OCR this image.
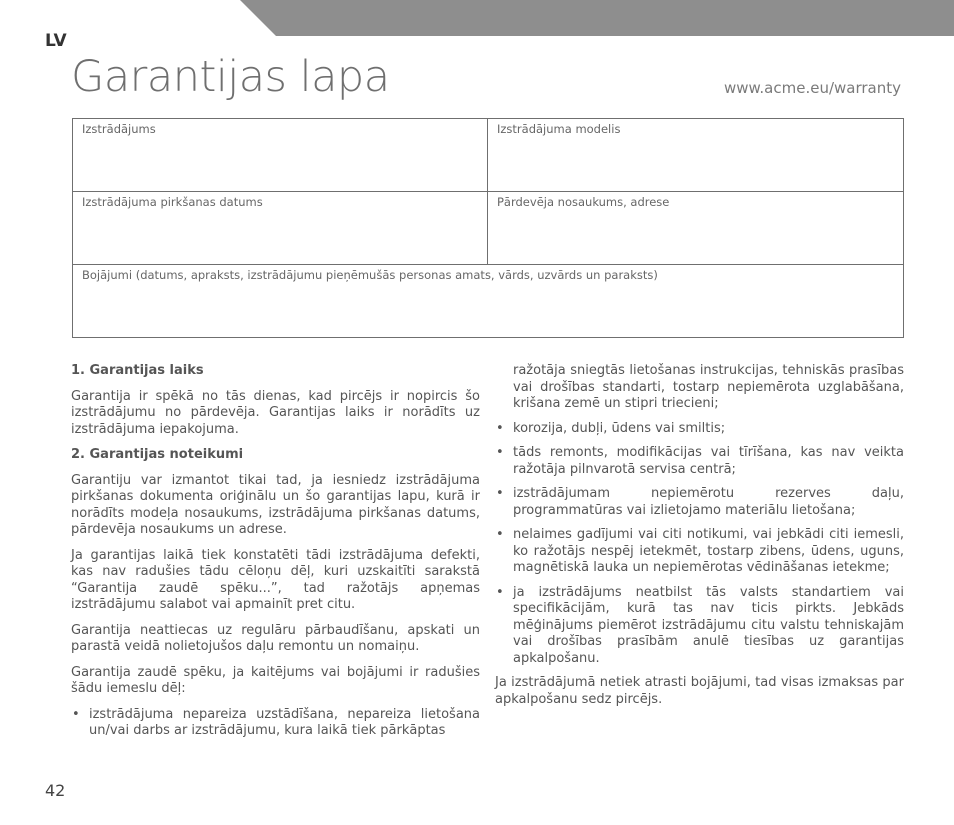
LV
Garantijas lapa	www.acme.eu/warranty
Izstrādājums	Izstrādājuma modelis
Izstrādājuma pirkšanas datums	Pārdevēja nosaukums, adrese
Bojājumi (datums, apraksts, izstrādājumu pieņēmušās personas amats, vārds, uzvārds un paraksts)
1. Garantijas laiks

Garantija ir spēkā no tās dienas, kad pircējs ir nopircis šo izstrādājumu no pārdevēja. Garantijas laiks ir norādīts uz izstrādājuma iepakojuma.

2. Garantijas noteikumi

Garantiju var izmantot tikai tad, ja iesniedz izstrādājuma pirkšanas dokumenta oriģinālu un šo garantijas lapu, kurā ir norādīts modeļa nosaukums, izstrādājuma pirkšanas datums, pārdevēja nosaukums un adrese.

Ja garantijas laikā tiek konstatēti tādi izstrādājuma defekti, kas nav radušies tādu cēloņu dēļ, kuri uzskaitīti sarakstā “Garantija zaudē spēku...”, tad ražotājs apņemas izstrādājumu salabot vai apmainīt pret citu.

Garantija neattiecas uz regulāru pārbaudīšanu, apskati un parastā veidā nolietojušos daļu remontu un nomaiņu.

Garantija zaudē spēku, ja kaitējums vai bojājumi ir radušies šādu iemeslu dēļ:

• izstrādājuma nepareiza uzstādīšana, nepareiza lietošana un/vai darbs ar izstrādājumu, kura laikā tiek pārkāptas
ražotāja sniegtās lietošanas instrukcijas, tehniskās prasības vai drošības standarti, tostarp nepiemērota uzglabāšana, krišana zemē un stipri triecieni;
• korozija, dubļi, ūdens vai smiltis;
• tāds remonts, modifikācijas vai tīrīšana, kas nav veikta ražotāja pilnvarotā servisa centrā;
• izstrādājumam nepiemērotu rezerves daļu, programmatūras vai izlietojamo materiālu lietošana;
• nelaimes gadījumi vai citi notikumi, vai jebkādi citi iemesli, ko ražotājs nespēj ietekmēt, tostarp zibens, ūdens, uguns, magnētiskā lauka un nepiemērotas vēdināšanas ietekme;
• ja izstrādājums neatbilst tās valsts standartiem vai specifikācijām, kurā tas nav ticis pirkts. Jebkāds mēģinājums piemērot izstrādājumu citu valstu tehniskajām vai drošības prasībām anulē tiesības uz garantijas apkalpošanu.

Ja izstrādājumā netiek atrasti bojājumi, tad visas izmaksas par apkalpošanu sedz pircējs.

42
